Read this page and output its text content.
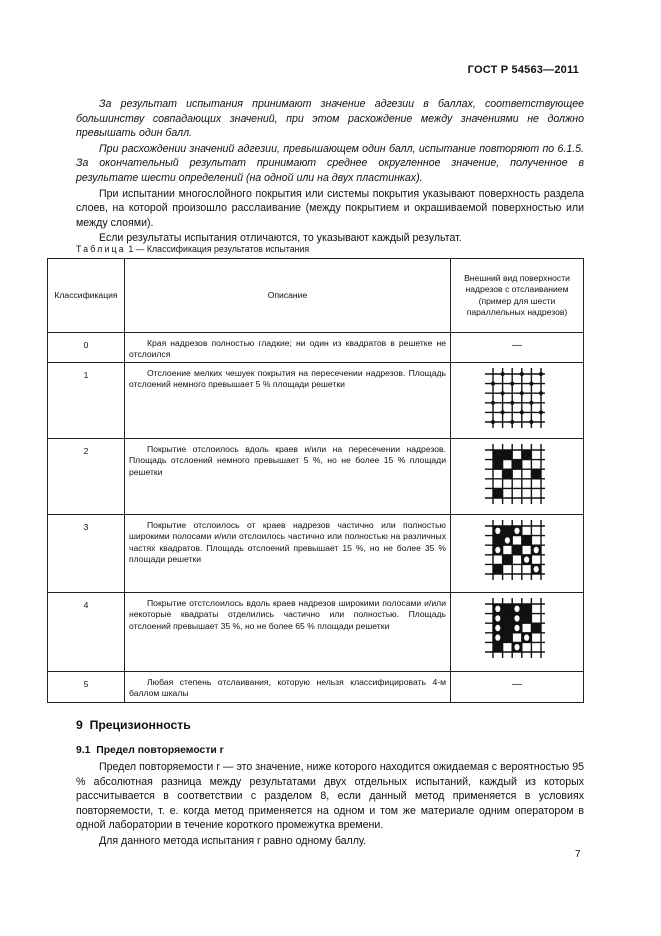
ГОСТ Р 54563—2011

За результат испытания принимают значение адгезии в баллах, соответствующее большинству совпадающих значений, при этом расхождение между значениями не должно превышать один балл.

При расхождении значений адгезии, превышающем один балл, испытание повторяют по 6.1.5. За окончательный результат принимают среднее округленное значение, полученное в результате шести определений (на одной или на двух пластинках).

При испытании многослойного покрытия или системы покрытия указывают поверхность раздела слоев, на которой произошло расслаивание (между покрытием и окрашиваемой поверхностью или между слоями).

Если результаты испытания отличаются, то указывают каждый результат.

Таблица 1 — Классификация результатов испытания
Классификация	Описание	Внешний вид поверхности надрезов с отслаиванием (пример для шести параллельных надрезов)
0	Края надрезов полностью гладкие; ни один из квадратов в решетке не отслоился	—
1	Отслоение мелких чешуек покрытия на пересечении надрезов. Площадь отслоений немного превышает 5 % площади решетки	
2	Покрытие отслоилось вдоль краев и/или на пересечении надрезов. Площадь отслоений немного превышает 5 %, но не более 15 % площади решетки	
3	Покрытие отслоилось от краев надрезов частично или полностью широкими полосами и/или отслоилось частично или полностью на различных частях квадратов. Площадь отслоений превышает 15 %, но не более 35 % площади решетки	
4	Покрытие отстслоилось вдоль краев надрезов широкими полосами и/или некоторые квадраты отделились частично или полностью. Площадь отслоений превышает 35 %, но не более 65 % площади решетки	
5	Любая степень отслаивания, которую нельзя классифицировать 4-м баллом шкалы	—
9 Прецизионность
9.1 Предел повторяемости r

Предел повторяемости r — это значение, ниже которого находится ожидаемая с вероятностью 95 % абсолютная разница между результатами двух отдельных испытаний, каждый из которых рассчитывается в соответствии с разделом 8, если данный метод применяется в условиях повторяемости, т. е. когда метод применяется на одном и том же материале одним оператором в одной лаборатории в течение короткого промежутка времени.

Для данного метода испытания r равно одному баллу.

7
